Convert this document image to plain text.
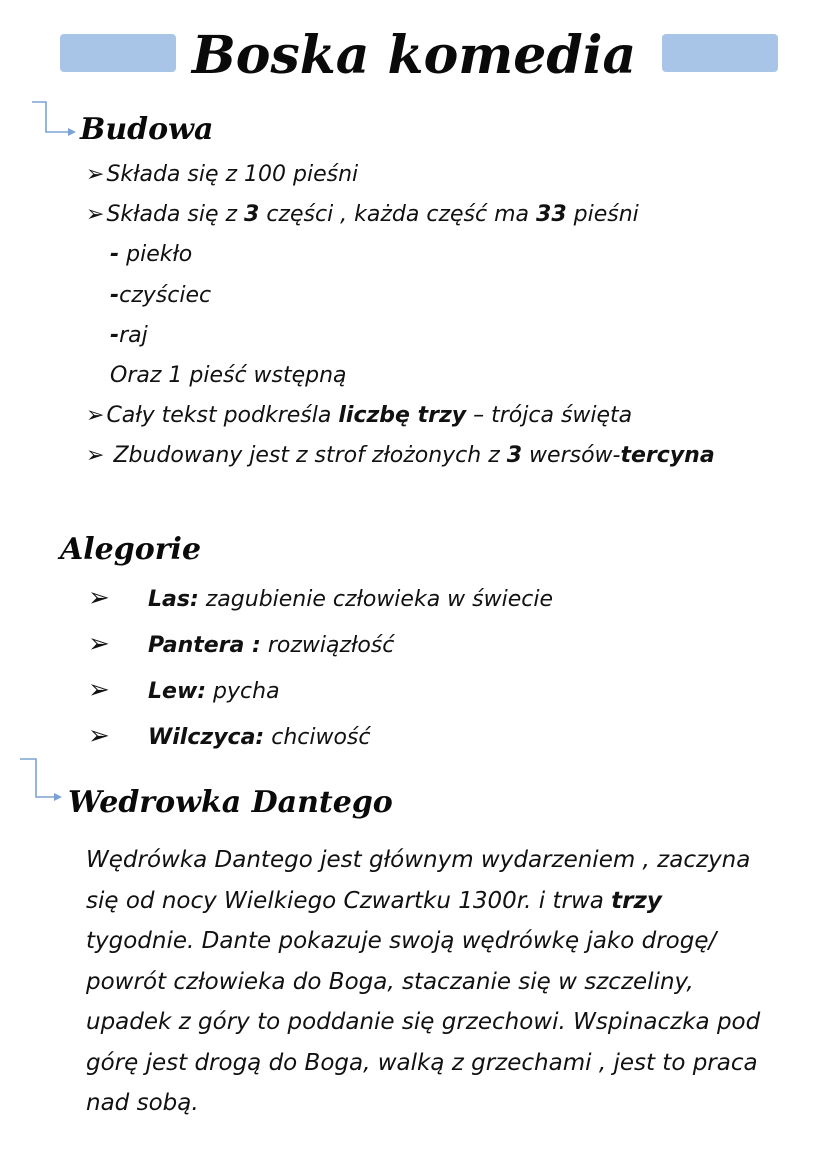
Boska komedia
Budowa
➢Składa się z 100 pieśni
➢Składa się z 3 części , każda część ma 33 pieśni
- piekło
-czyściec
-raj
Oraz 1 pieść wstępną
➢Cały tekst podkreśla liczbę trzy – trójca święta
➢ Zbudowany jest z strof złożonych z 3 wersów-tercyna
Alegorie
➢ Las: zagubienie człowieka w świecie
➢ Pantera : rozwiązłość
➢ Lew: pycha
➢ Wilczyca: chciwość
Wedrowka Dantego
Wędrówka Dantego jest głównym wydarzeniem , zaczyna się od nocy Wielkiego Czwartku 1300r. i trwa trzy tygodnie. Dante pokazuje swoją wędrówkę jako drogę/ powrót człowieka do Boga, staczanie się w szczeliny, upadek z góry to poddanie się grzechowi. Wspinaczka pod górę jest drogą do Boga, walką z grzechami , jest to praca nad sobą.
